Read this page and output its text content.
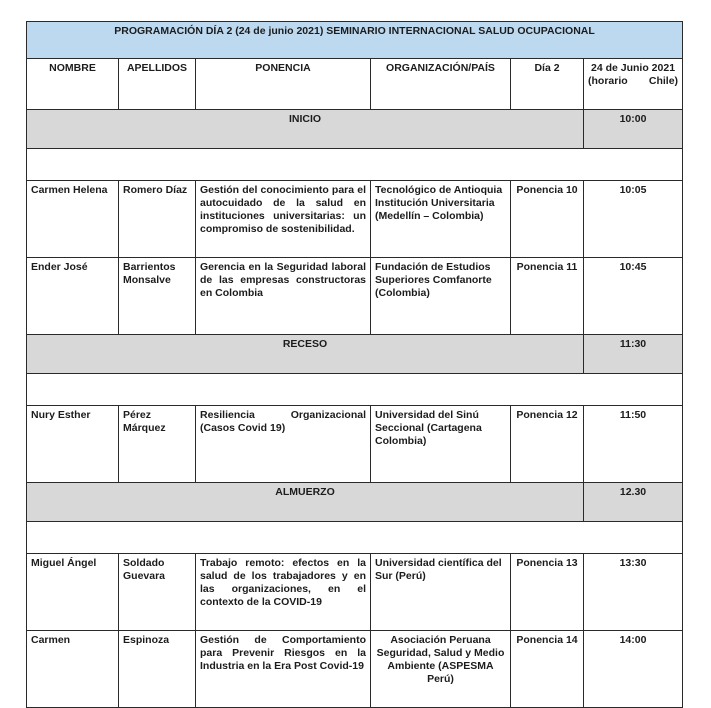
PROGRAMACIÓN DÍA 2 (24 de junio 2021) SEMINARIO INTERNACIONAL SALUD OCUPACIONAL					
NOMBRE	APELLIDOS	PONENCIA	ORGANIZACIÓN/PAÍS	Día 2	24 de Junio 2021 (horario Chile)
INICIO					10:00

Carmen Helena	Romero Díaz	Gestión del conocimiento para el autocuidado de la salud en instituciones universitarias: un compromiso de sostenibilidad.	Tecnológico de Antioquia Institución Universitaria (Medellín – Colombia)	Ponencia 10	10:05
Ender José	Barrientos Monsalve	Gerencia en la Seguridad laboral de las empresas constructoras en Colombia	Fundación de Estudios Superiores Comfanorte (Colombia)	Ponencia 11	10:45
RECESO					11:30

Nury Esther	Pérez Márquez	Resiliencia Organizacional (Casos Covid 19)	Universidad del Sinú Seccional (Cartagena Colombia)	Ponencia 12	11:50
ALMUERZO					12.30

Miguel Ángel	Soldado Guevara	Trabajo remoto: efectos en la salud de los trabajadores y en las organizaciones, en el contexto de la COVID-19	Universidad científica del Sur (Perú)	Ponencia 13	13:30
Carmen	Espinoza	Gestión de Comportamiento para Prevenir Riesgos en la Industria en la Era Post Covid-19	Asociación Peruana Seguridad, Salud y Medio Ambiente (ASPESMA Perú)	Ponencia 14	14:00
